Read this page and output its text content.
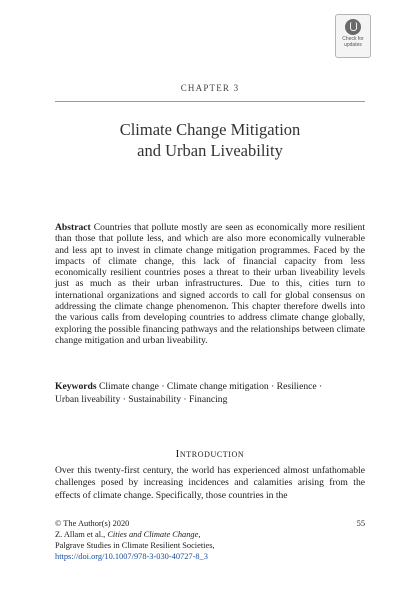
Check for
updates
CHAPTER 3
Climate Change Mitigation
and Urban Liveability

Abstract Countries that pollute mostly are seen as economically more resilient than those that pollute less, and which are also more economically vulnerable and less apt to invest in climate change mitigation programmes. Faced by the impacts of climate change, this lack of financial capacity from less economically resilient countries poses a threat to their urban liveability levels just as much as their urban infrastructures. Due to this, cities turn to international organizations and signed accords to call for global consensus on addressing the climate change phenomenon. This chapter therefore dwells into the various calls from developing countries to address climate change globally, exploring the possible financing pathways and the relationships between climate change mitigation and urban liveability.

Keywords Climate change · Climate change mitigation · Resilience ·

Urban liveability · Sustainability · Financing

Introduction

Over this twenty-first century, the world has experienced almost unfathomable challenges posed by increasing incidences and calamities arising from the effects of climate change. Specifically, those countries in the

55
© The Author(s) 2020
Z. Allam et al., Cities and Climate Change,
Palgrave Studies in Climate Resilient Societies,
https://doi.org/10.1007/978-3-030-40727-8_3
